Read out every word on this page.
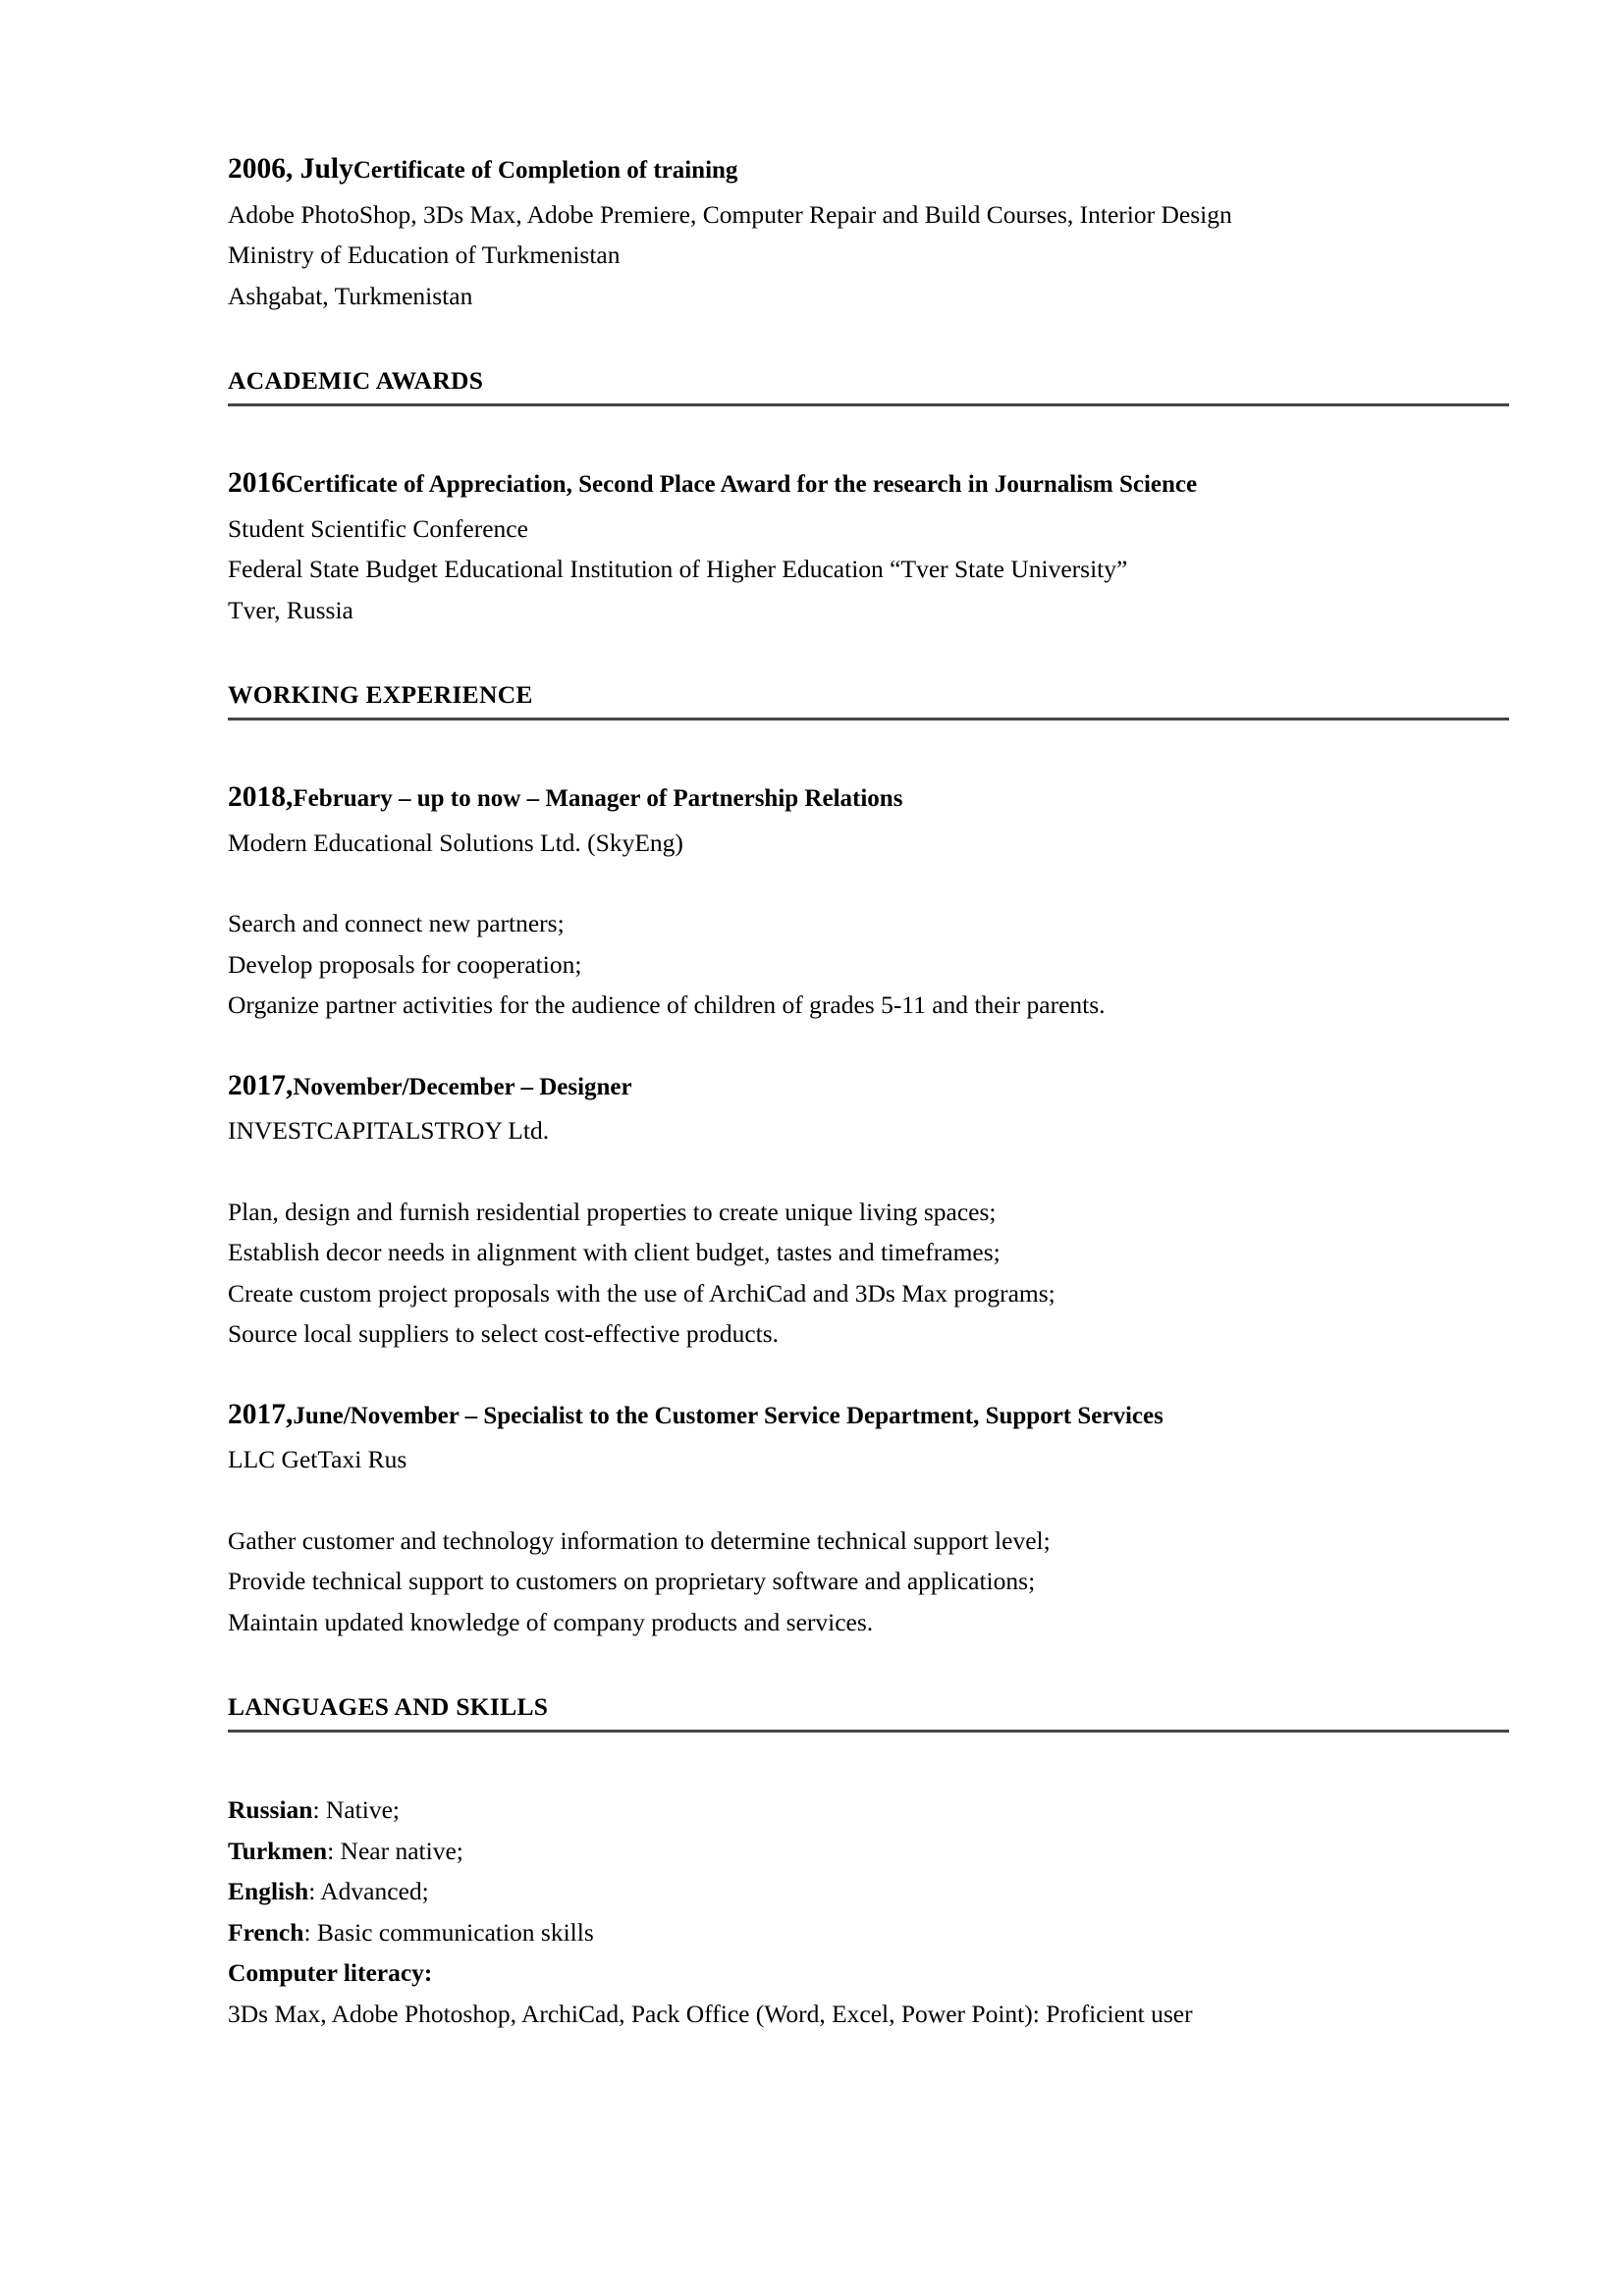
2006, JulyCertificate of Completion of training

Adobe PhotoShop, 3Ds Max, Adobe Premiere, Computer Repair and Build Courses, Interior Design

Ministry of Education of Turkmenistan

Ashgabat, Turkmenistan

ACADEMIC AWARDS

2016Certificate of Appreciation, Second Place Award for the research in Journalism Science

Student Scientific Conference

Federal State Budget Educational Institution of Higher Education “Tver State University”

Tver, Russia

WORKING EXPERIENCE

2018,February – up to now – Manager of Partnership Relations

Modern Educational Solutions Ltd. (SkyEng)

Search and connect new partners;

Develop proposals for cooperation;

Organize partner activities for the audience of children of grades 5-11 and their parents.

2017,November/December – Designer

INVESTCAPITALSTROY Ltd.

Plan, design and furnish residential properties to create unique living spaces;

Establish decor needs in alignment with client budget, tastes and timeframes;

Create custom project proposals with the use of ArchiCad and 3Ds Max programs;

Source local suppliers to select cost-effective products.

2017,June/November – Specialist to the Customer Service Department, Support Services

LLC GetTaxi Rus

Gather customer and technology information to determine technical support level;

Provide technical support to customers on proprietary software and applications;

Maintain updated knowledge of company products and services.

LANGUAGES AND SKILLS

Russian: Native;

Turkmen: Near native;

English: Advanced;

French: Basic communication skills

Computer literacy:

3Ds Max, Adobe Photoshop, ArchiCad, Pack Office (Word, Excel, Power Point): Proficient user
